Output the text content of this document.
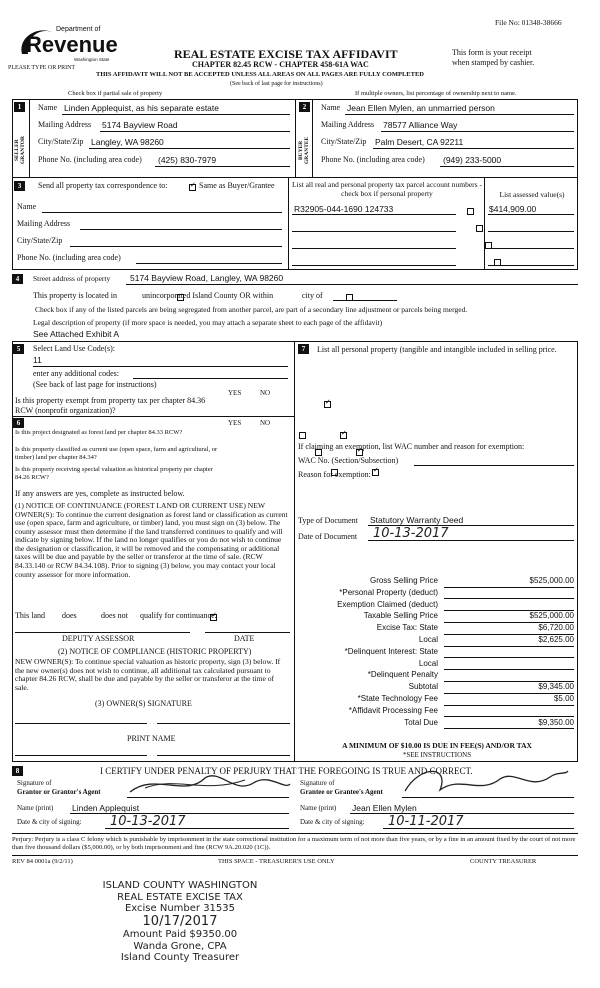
File No: 01348-38666
Department of
Revenue
Washington State
PLEASE TYPE OR PRINT
REAL ESTATE EXCISE TAX AFFIDAVIT
CHAPTER 82.45 RCW - CHAPTER 458-61A WAC
This form is your receipt
when stamped by cashier.
THIS AFFIDAVIT WILL NOT BE ACCEPTED UNLESS ALL AREAS ON ALL PAGES ARE FULLY COMPLETED
(See back of last page for instructions)
Check box if partial sale of property	If multiple owners, list percentage of ownership next to name.
1	2
SELLER GRANTOR	BUYER GRANTEE
Name Linden Applequist, as his separate estate
Mailing Address 5174 Bayview Road
City/State/Zip Langley, WA 98260
Phone No. (including area code) (425) 830-7979
Name Jean Ellen Mylen, an unmarried person
Mailing Address 78577 Alliance Way
City/State/Zip Palm Desert, CA 92211
Phone No. (including area code) (949) 233-5000
3	Send all property tax correspondence to: ✓	Same as Buyer/Grantee
Name
Mailing Address
City/State/Zip
Phone No. (including area code)
List all real and personal property tax parcel account numbers - check box if personal property	List assessed value(s)
R32905-044-1690 124733	$414,909.00

4	Street address of property 5174 Bayview Road, Langley, WA 98260
This property is located in
	unincorporated Island County OR within
	city of
Check box if any of the listed parcels are being segregated from another parcel, are part of a secondary line adjustment or parcels being merged.
Legal description of property (if more space is needed, you may attach a separate sheet to each page of the affidavit)
See Attached Exhibit A
5	Select Land Use Code(s):
11
enter any additional codes:
(See back of last page for instructions)
YES	NO
Is this property exempt from property tax per chapter 84.36 RCW (nonprofit organization)?
✓
6	YES	NO
Is this project designated as forest land per chapter 84.33 RCW?
✓
Is this property classified as current use (open space, farm and agricultural, or timber) land per chapter 84.34?
✓
Is this property receiving special valuation as historical property per chapter 84.26 RCW?
✓
If any answers are yes, complete as instructed below.
(1) NOTICE OF CONTINUANCE (FOREST LAND OR CURRENT USE) NEW OWNER(S): To continue the current designation as forest land or classification as current use (open space, farm and agriculture, or timber) land, you must sign on (3) below. The county assessor must then determine if the land transferred continues to qualify and will indicate by signing below. If the land no longer qualifies or you do not wish to continue the designation or classification, it will be removed and the compensating or additional taxes will be due and payable by the seller or transferor at the time of sale. (RCW 84.33.140 or RCW 84.34.108). Prior to signing (3) below, you may contact your local county assessor for more information.
This land does ✓	does not qualify for continuance.
DEPUTY ASSESSOR	DATE
(2) NOTICE OF COMPLIANCE (HISTORIC PROPERTY)
NEW OWNER(S): To continue special valuation as historic property, sign (3) below. If the new owner(s) does not wish to continue, all additional tax calculated pursuant to chapter 84.26 RCW, shall be due and payable by the seller or transferor at the time of sale.
(3) OWNER(S) SIGNATURE
PRINT NAME
7	List all personal property (tangible and intangible included in selling price.
If claiming an exemption, list WAC number and reason for exemption:
WAC No. (Section/Subsection)
Reason for exemption:
Type of Document Statutory Warranty Deed
Date of Document 10-13-2017
Gross Selling Price	$525,000.00
*Personal Property (deduct)
Exemption Claimed (deduct)
Taxable Selling Price	$525,000.00
Excise Tax: State	$6,720.00
Local	$2,625.00
*Delinquent Interest: State
Local
*Delinquent Penalty
Subtotal	$9,345.00
*State Technology Fee	$5.00
*Affidavit Processing Fee
Total Due	$9,350.00
A MINIMUM OF $10.00 IS DUE IN FEE(S) AND/OR TAX
*SEE INSTRUCTIONS
8	I CERTIFY UNDER PENALTY OF PERJURY THAT THE FOREGOING IS TRUE AND CORRECT.
Signature of
Grantor or Grantor's Agent
Signature of
Grantee or Grantee's Agent
Name (print) Linden Applequist	Name (print) Jean Ellen Mylen
Date & city of signing: 10-13-2017	Date & city of signing: 10-11-2017
Perjury: Perjury is a class C felony which is punishable by imprisonment in the state correctional institution for a maximum term of not more than five years, or by a fine in an amount fixed by the court of not more than five thousand dollars ($5,000.00), or by both imprisonment and fine (RCW 9A.20.020 (1C)).
REV 84 0001a (9/2/11)	THIS SPACE - TREASURER'S USE ONLY	COUNTY TREASURER
ISLAND COUNTY WASHINGTON
REAL ESTATE EXCISE TAX
Excise Number 31535
10/17/2017
Amount Paid $9350.00
Wanda Grone, CPA
Island County Treasurer
